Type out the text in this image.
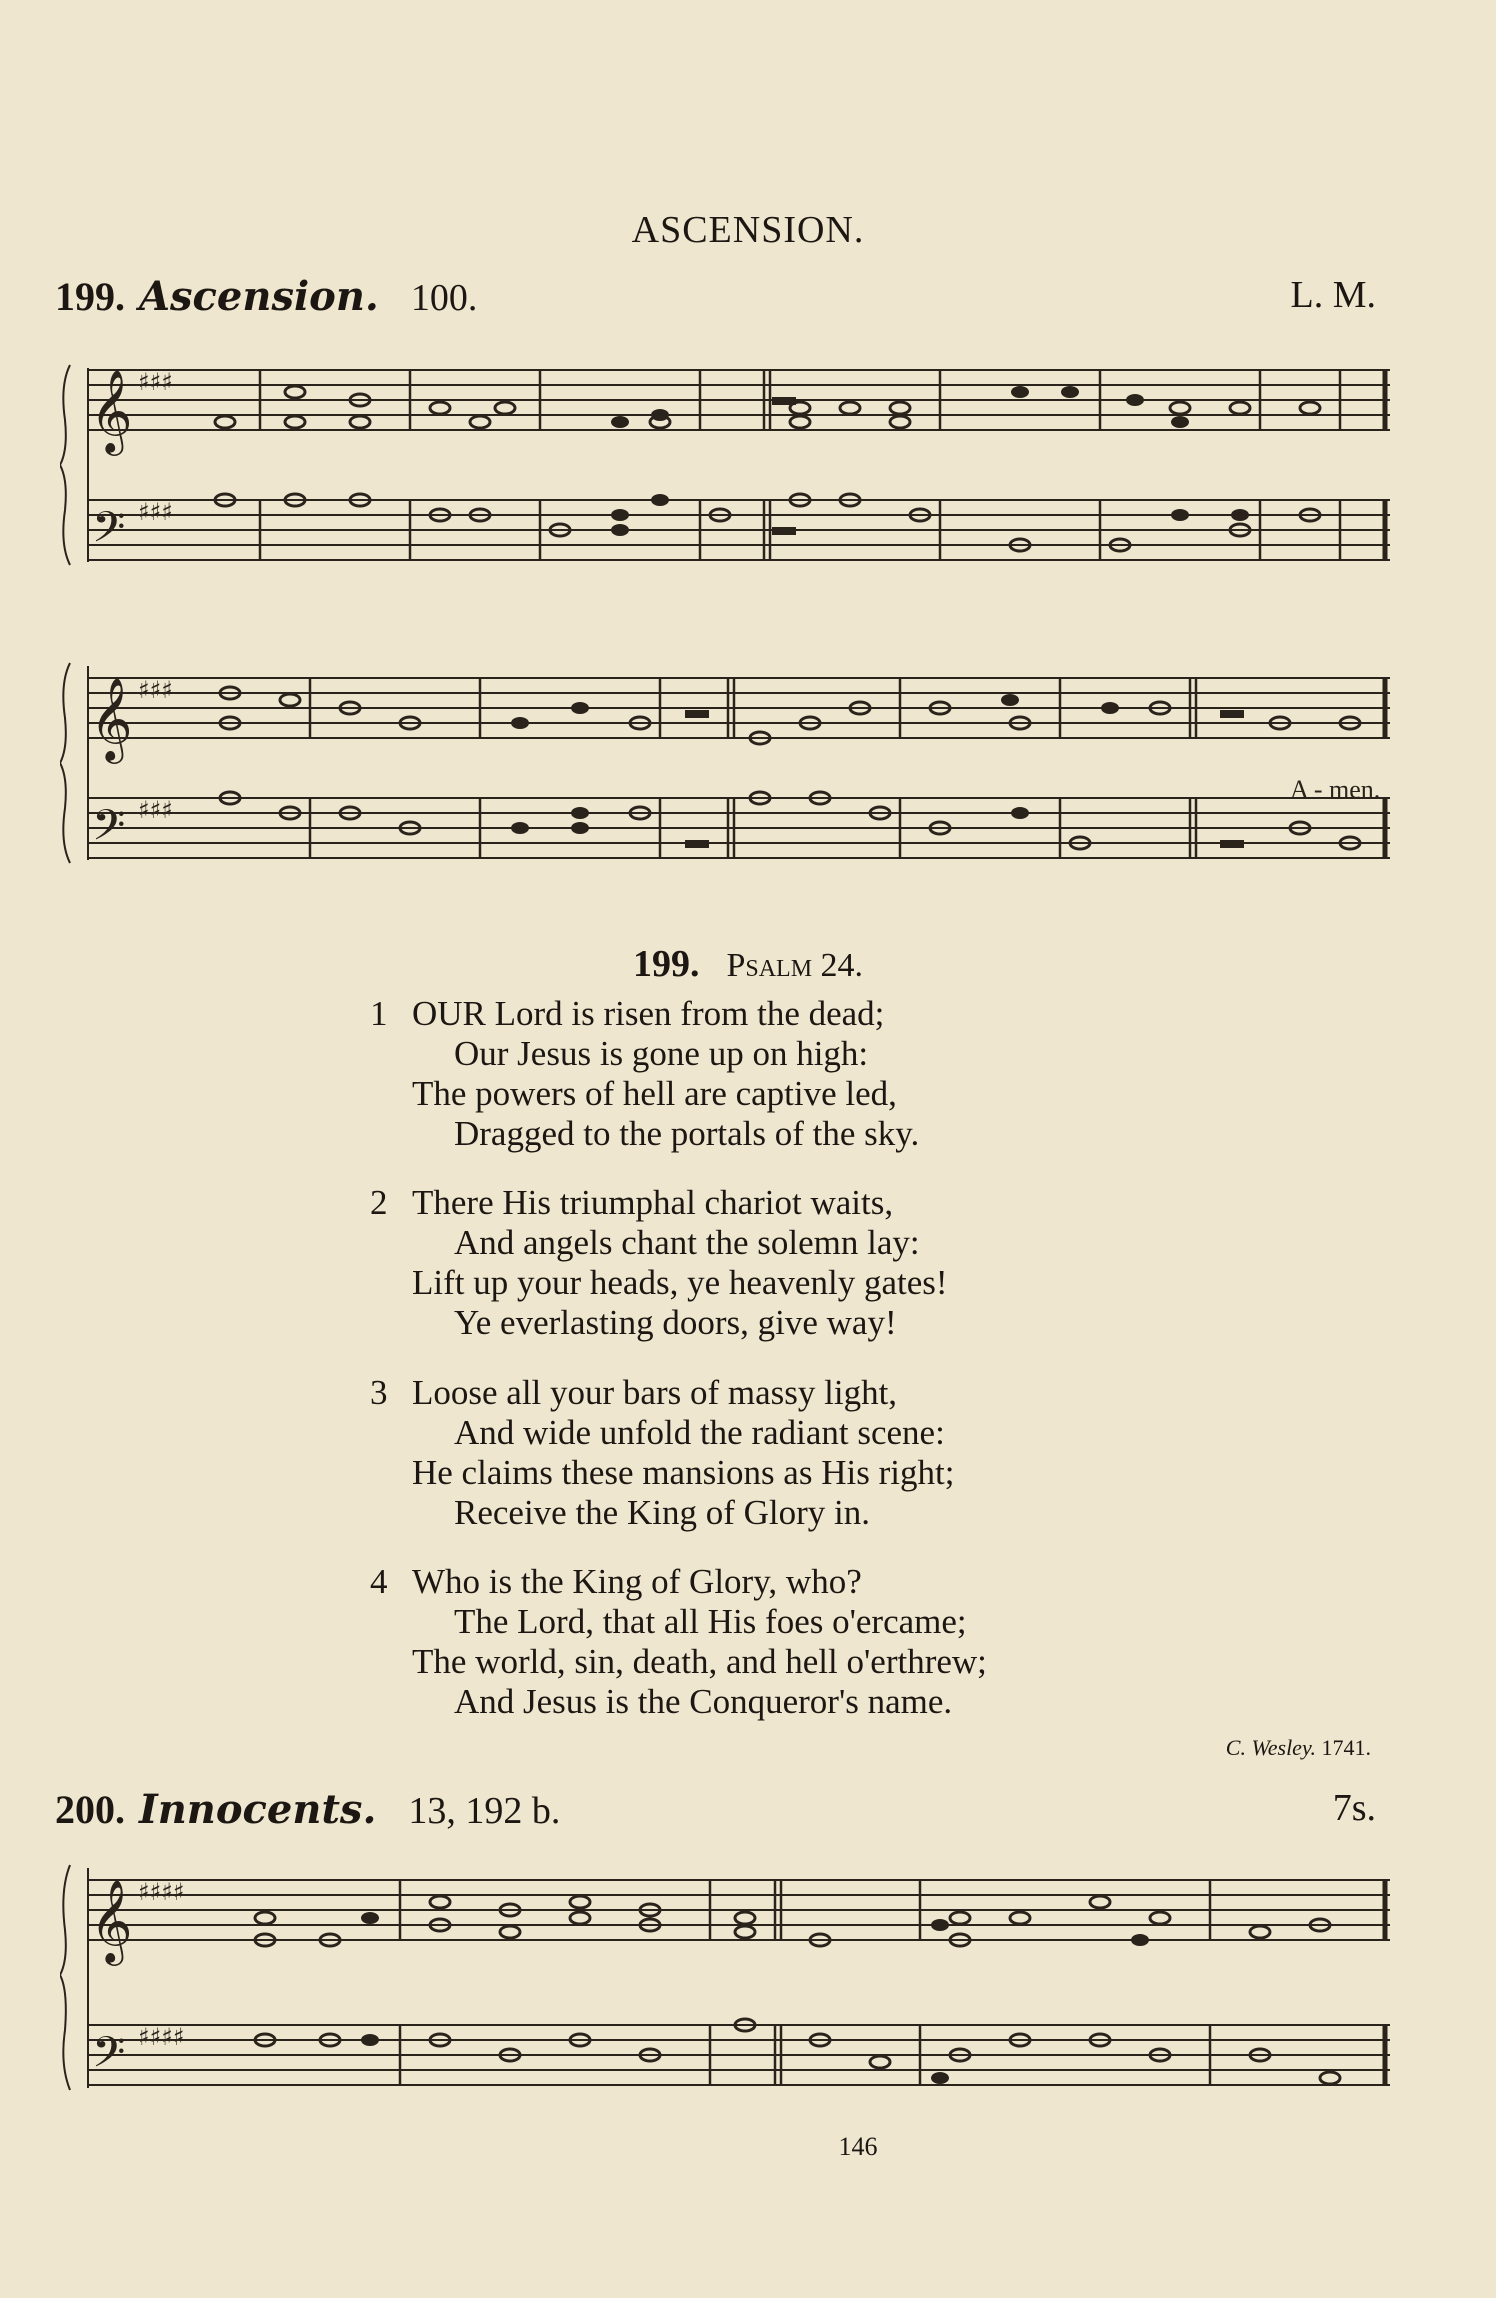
ASCENSION.
199. Ascension. 100.	L. M.
𝄞
𝄢
♯♯♯
♯♯♯
𝄞
𝄢
♯♯♯
♯♯♯
A - men.
199. Psalm 24.
1 OUR Lord is risen from the dead;
Our Jesus is gone up on high:
The powers of hell are captive led,
Dragged to the portals of the sky.
2 There His triumphal chariot waits,
And angels chant the solemn lay:
Lift up your heads, ye heavenly gates!
Ye everlasting doors, give way!
3 Loose all your bars of massy light,
And wide unfold the radiant scene:
He claims these mansions as His right;
Receive the King of Glory in.
4 Who is the King of Glory, who?
The Lord, that all His foes o'ercame;
The world, sin, death, and hell o'erthrew;
And Jesus is the Conqueror's name.
C. Wesley. 1741.
200. Innocents. 13, 192 b.	7s.
𝄞
𝄢
♯♯♯♯
♯♯♯♯
146
